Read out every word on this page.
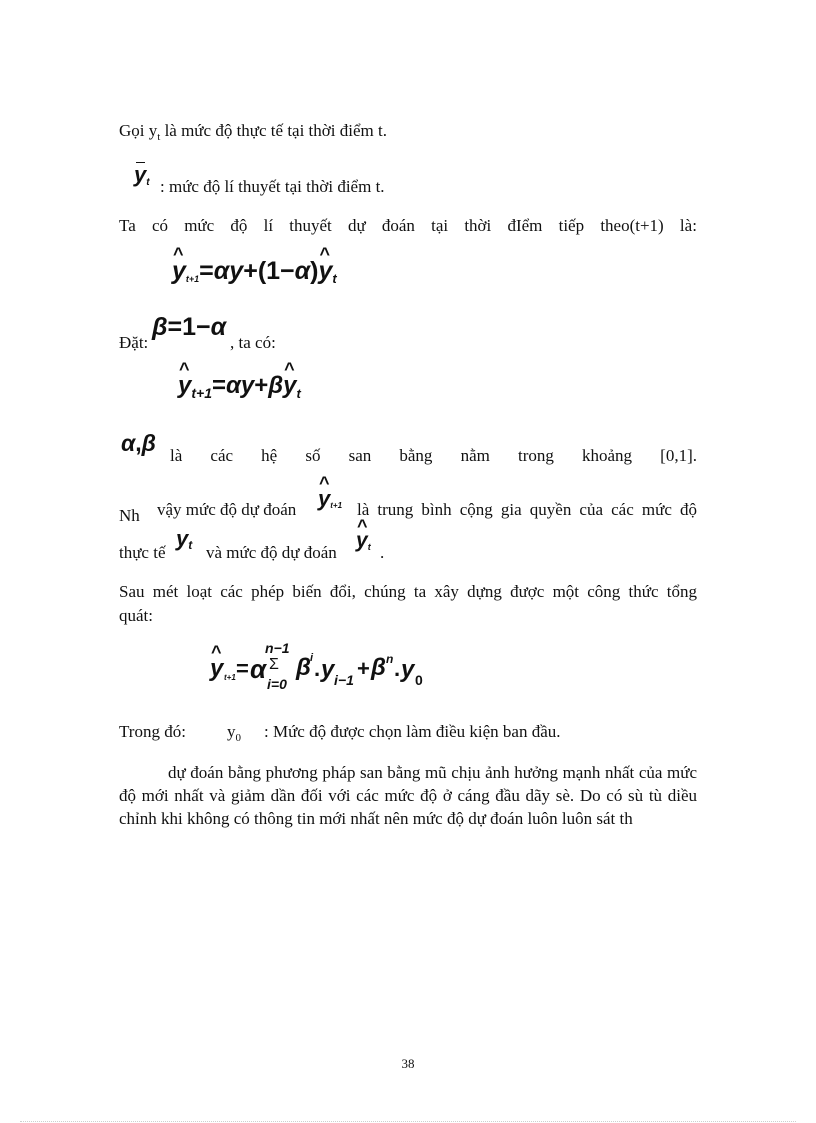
Gọi $y_t$ là mức độ thực tế tại thời điểm t.
yt : mức độ lí thuyết tại thời điểm t.
Ta có mức độ lí thuyết dự đoán tại thời đIểm tiếp theo(t+1) là:
^ yt+1=αy+(1−α)^ yt
Đặt:
β=1−α
, ta có:
^ $y_{t+1}=\alpha y+\beta\^{}$ $y_t$
α,β là các hệ số san bằng nằm trong khoảng [0,1].
Nh vậy mức độ dự đoán
^ yt+1 là trung bình cộng gia quyền của các mức độ
thực tế
yt và mức độ dự đoán
^ yt .
Sau mét loạt các phép biến đổi, chúng ta xây dựng được một công thức tổng
quát:
^ y t+1 = α
n−1
Σ
i=0
β i . y i−1 + β n . y 0
Trong đó: $y_0$ : Mức độ được chọn làm điều kiện ban đầu.
dự đoán bằng phương pháp san bằng mũ chịu ảnh hưởng mạnh nhất của mức độ mới nhất và giảm dần đối với các mức độ ở cáng đầu dãy sè. Do có sù tù diều chỉnh khi không có thông tin mới nhất nên mức độ dự đoán luôn luôn sát th
38
